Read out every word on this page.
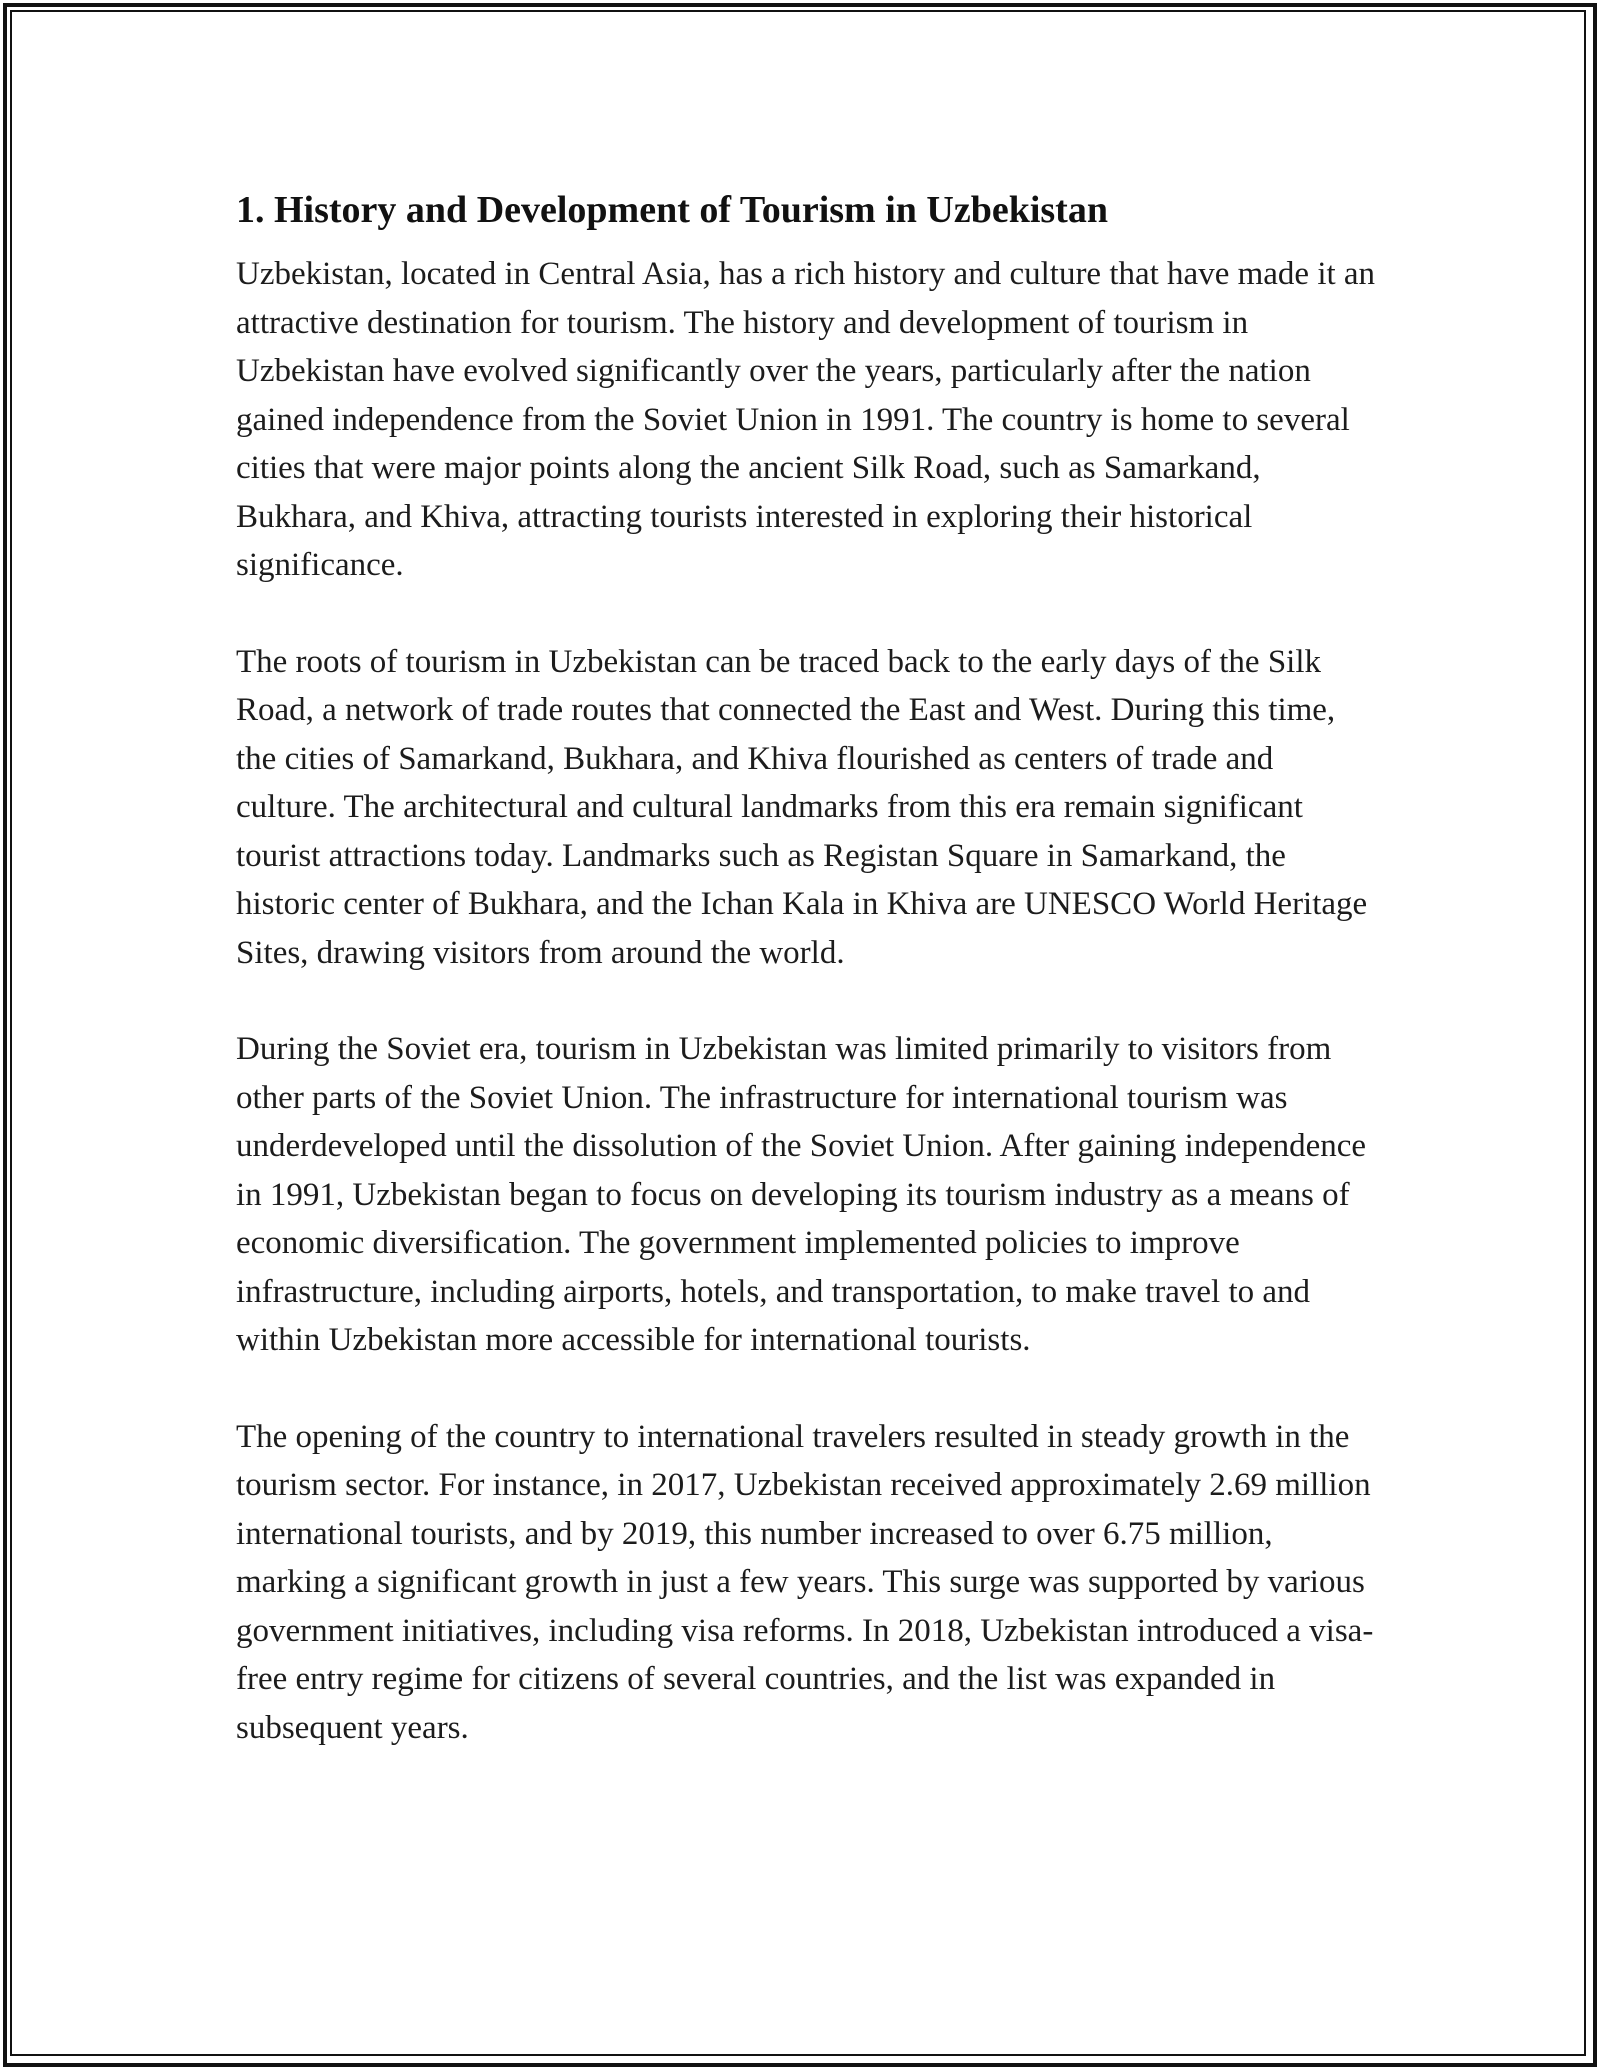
1. History and Development of Tourism in Uzbekistan

Uzbekistan, located in Central Asia, has a rich history and culture that have made it an attractive destination for tourism. The history and development of tourism in Uzbekistan have evolved significantly over the years, particularly after the nation gained independence from the Soviet Union in 1991. The country is home to several cities that were major points along the ancient Silk Road, such as Samarkand, Bukhara, and Khiva, attracting tourists interested in exploring their historical significance.

The roots of tourism in Uzbekistan can be traced back to the early days of the Silk Road, a network of trade routes that connected the East and West. During this time, the cities of Samarkand, Bukhara, and Khiva flourished as centers of trade and culture. The architectural and cultural landmarks from this era remain significant tourist attractions today. Landmarks such as Registan Square in Samarkand, the historic center of Bukhara, and the Ichan Kala in Khiva are UNESCO World Heritage Sites, drawing visitors from around the world.

During the Soviet era, tourism in Uzbekistan was limited primarily to visitors from other parts of the Soviet Union. The infrastructure for international tourism was underdeveloped until the dissolution of the Soviet Union. After gaining independence in 1991, Uzbekistan began to focus on developing its tourism industry as a means of economic diversification. The government implemented policies to improve infrastructure, including airports, hotels, and transportation, to make travel to and within Uzbekistan more accessible for international tourists.

The opening of the country to international travelers resulted in steady growth in the tourism sector. For instance, in 2017, Uzbekistan received approximately 2.69 million international tourists, and by 2019, this number increased to over 6.75 million, marking a significant growth in just a few years. This surge was supported by various government initiatives, including visa reforms. In 2018, Uzbekistan introduced a visa-free entry regime for citizens of several countries, and the list was expanded in subsequent years.
